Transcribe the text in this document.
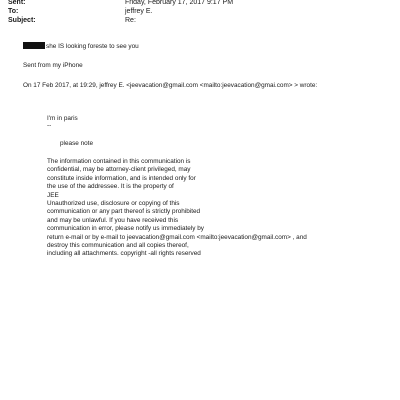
Sent:	Friday, February 17, 2017 9:17 PM
To:	jeffrey E.
Subject:	Re:
she IS looking foreste to see you
Sent from my iPhone
On 17 Feb 2017, at 19:29, jeffrey E. <jeevacation@gmail.com <mailto:jeevacation@gmai.com> > wrote:
I'm in paris
--
please note
The information contained in this communication is
confidential, may be attorney-client privileged, may
constitute inside information, and is intended only for
the use of the addressee. It is the property of
JEE
Unauthorized use, disclosure or copying of this
communication or any part thereof is strictly prohibited
and may be unlawful. If you have received this
communication in error, please notify us immediately by
return e-mail or by e-mail to jeevacation@gmail.com <mailto:jeevacation@gmail.com> , and
destroy this communication and all copies thereof,
including all attachments. copyright -all rights reserved
